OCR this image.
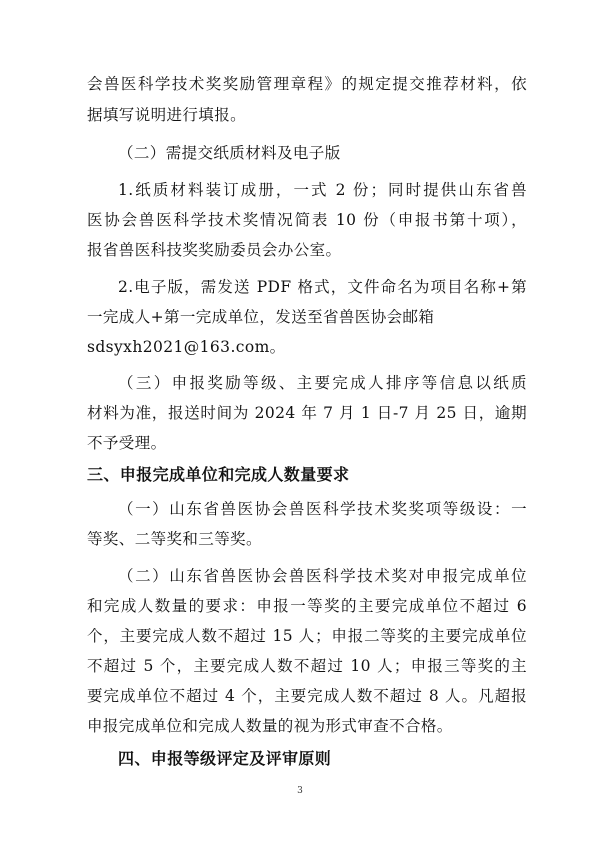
会兽医科学技术奖奖励管理章程》的规定提交推荐材料，依
据填写说明进行填报。
（二）需提交纸质材料及电子版
1.纸质材料装订成册，一式 2 份；同时提供山东省兽
医协会兽医科学技术奖情况简表 10 份（申报书第十项），
报省兽医科技奖奖励委员会办公室。
2.电子版，需发送 PDF 格式，文件命名为项目名称+第
一完成人+第一完成单位，发送至省兽医协会邮箱
sdsyxh2021@163.com。
（三）申报奖励等级、主要完成人排序等信息以纸质
材料为准，报送时间为 2024 年 7 月 1 日-7 月 25 日，逾期
不予受理。
三、申报完成单位和完成人数量要求
（一）山东省兽医协会兽医科学技术奖奖项等级设：一
等奖、二等奖和三等奖。
（二）山东省兽医协会兽医科学技术奖对申报完成单位
和完成人数量的要求：申报一等奖的主要完成单位不超过 6
个，主要完成人数不超过 15 人；申报二等奖的主要完成单位
不超过 5 个，主要完成人数不超过 10 人；申报三等奖的主
要完成单位不超过 4 个，主要完成人数不超过 8 人。凡超报
申报完成单位和完成人数量的视为形式审查不合格。
四、申报等级评定及评审原则
3
